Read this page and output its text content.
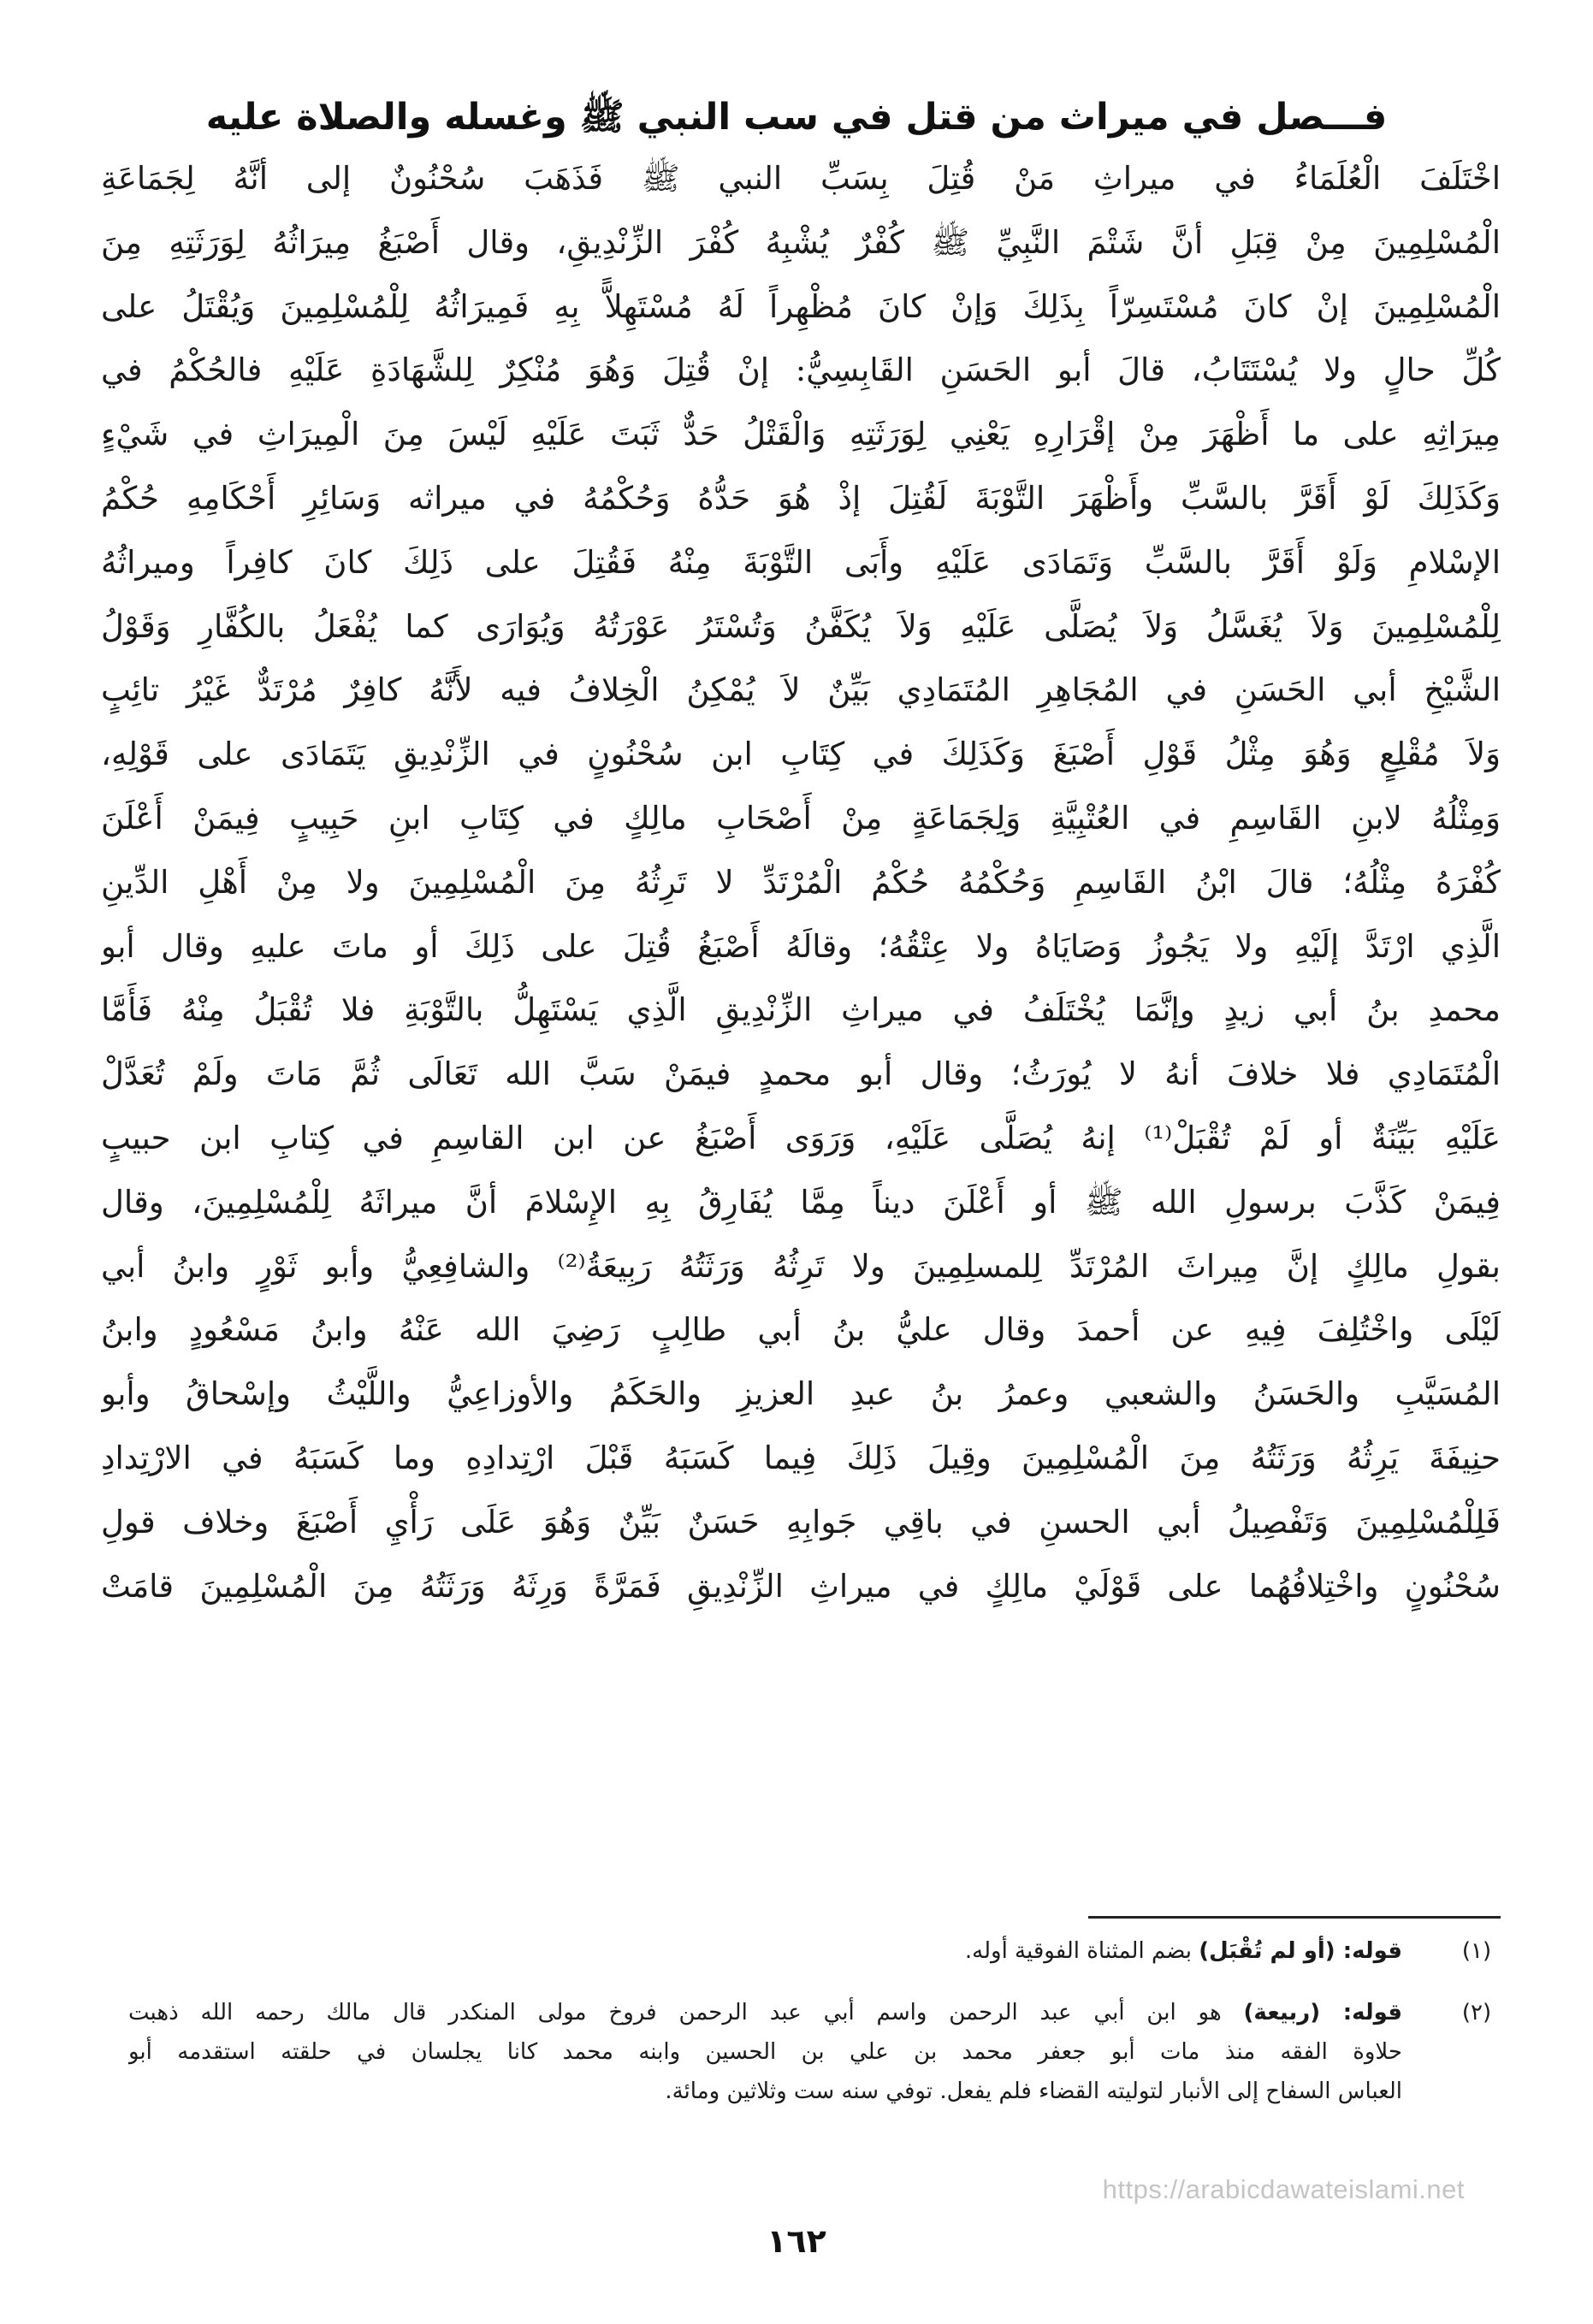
فـــصل في ميراث من قتل في سب النبي ﷺ وغسله والصلاة عليه
اخْتَلَفَ الْعُلَمَاءُ في ميراثِ مَنْ قُتِلَ بِسَبِّ النبي ﷺ فَذَهَبَ سُحْنُونٌ إلى أنَّهُ لِجَمَاعَةِ
الْمُسْلِمِينَ مِنْ قِبَلِ أنَّ شَتْمَ النَّبِيِّ ﷺ كُفْرٌ يُشْبِهُ كُفْرَ الزِّنْدِيقِ، وقال أَصْبَغُ مِيرَاثُهُ لِوَرَثَتِهِ مِنَ
الْمُسْلِمِينَ إنْ كانَ مُسْتَسِرّاً بِذَلِكَ وَإنْ كانَ مُظْهِراً لَهُ مُسْتَهِلاًّ بِهِ فَمِيرَاثُهُ لِلْمُسْلِمِينَ وَيُقْتَلُ على
كُلِّ حالٍ ولا يُسْتَتَابُ، قالَ أبو الحَسَنِ القَابِسِيُّ: إنْ قُتِلَ وَهُوَ مُنْكِرٌ لِلشَّهَادَةِ عَلَيْهِ فالحُكْمُ في
مِيرَاثِهِ على ما أَظْهَرَ مِنْ إقْرَارِهِ يَعْنِي لِوَرَثَتِهِ وَالْقَتْلُ حَدٌّ ثَبَتَ عَلَيْهِ لَيْسَ مِنَ الْمِيرَاثِ في شَيْءٍ
وَكَذَلِكَ لَوْ أَقَرَّ بالسَّبِّ وأَظْهَرَ التَّوْبَةَ لَقُتِلَ إذْ هُوَ حَدُّهُ وَحُكْمُهُ في ميراثه وَسَائِرِ أَحْكَامِهِ حُكْمُ
الإسْلامِ وَلَوْ أَقَرَّ بالسَّبِّ وَتَمَادَى عَلَيْهِ وأَبَى التَّوْبَةَ مِنْهُ فَقُتِلَ على ذَلِكَ كانَ كافِراً وميراثُهُ
لِلْمُسْلِمِينَ وَلاَ يُغَسَّلُ وَلاَ يُصَلَّى عَلَيْهِ وَلاَ يُكَفَّنُ وَتُسْتَرُ عَوْرَتُهُ وَيُوَارَى كما يُفْعَلُ بالكُفَّارِ وَقَوْلُ
الشَّيْخِ أبي الحَسَنِ في المُجَاهِرِ المُتَمَادِي بَيِّنٌ لاَ يُمْكِنُ الْخِلافُ فيه لأَنَّهُ كافِرٌ مُرْتَدٌّ غَيْرُ تائِبٍ
وَلاَ مُقْلِعٍ وَهُوَ مِثْلُ قَوْلِ أَصْبَغَ وَكَذَلِكَ في كِتَابِ ابن سُحْنُونٍ في الزِّنْدِيقِ يَتَمَادَى على قَوْلِهِ،
وَمِثْلُهُ لابنِ القَاسِمِ في العُتْبِيَّةِ وَلِجَمَاعَةٍ مِنْ أَصْحَابِ مالِكٍ في كِتَابِ ابنِ حَبِيبٍ فِيمَنْ أَعْلَنَ
كُفْرَهُ مِثْلُهُ؛ قالَ ابْنُ القَاسِمِ وَحُكْمُهُ حُكْمُ الْمُرْتَدِّ لا تَرِثُهُ مِنَ الْمُسْلِمِينَ ولا مِنْ أَهْلِ الدِّينِ
الَّذِي ارْتَدَّ إلَيْهِ ولا يَجُوزُ وَصَايَاهُ ولا عِتْقُهُ؛ وقالَهُ أَصْبَغُ قُتِلَ على ذَلِكَ أو ماتَ عليهِ وقال أبو
محمدِ بنُ أبي زيدٍ وإنَّمَا يُخْتَلَفُ في ميراثِ الزِّنْدِيقِ الَّذِي يَسْتَهِلُّ بالتَّوْبَةِ فلا تُقْبَلُ مِنْهُ فَأَمَّا
الْمُتَمَادِي فلا خلافَ أنهُ لا يُورَثُ؛ وقال أبو محمدٍ فيمَنْ سَبَّ الله تَعَالَى ثُمَّ مَاتَ ولَمْ تُعَدَّلْ
عَلَيْهِ بَيِّنَةٌ أو لَمْ تُقْبَلْ⁽¹⁾ إنهُ يُصَلَّى عَلَيْهِ، وَرَوَى أَصْبَغُ عن ابن القاسِمِ في كِتابِ ابن حبيبٍ
فِيمَنْ كَذَّبَ برسولِ الله ﷺ أو أَعْلَنَ ديناً مِمَّا يُفَارِقُ بِهِ الإِسْلامَ أنَّ ميراثَهُ لِلْمُسْلِمِينَ، وقال
بقولِ مالِكٍ إنَّ مِيراثَ المُرْتَدِّ لِلمسلِمِينَ ولا تَرِثُهُ وَرَثَتُهُ رَبِيعَةُ⁽²⁾ والشافِعِيُّ وأبو ثَوْرٍ وابنُ أبي
لَيْلَى واخْتُلِفَ فِيهِ عن أحمدَ وقال عليُّ بنُ أبي طالِبٍ رَضِيَ الله عَنْهُ وابنُ مَسْعُودٍ وابنُ
المُسَيَّبِ والحَسَنُ والشعبي وعمرُ بنُ عبدِ العزيزِ والحَكَمُ والأوزاعِيُّ واللَّيْثُ وإسْحاقُ وأبو
حنِيفَةَ يَرِثُهُ وَرَثَتُهُ مِنَ الْمُسْلِمِينَ وقِيلَ ذَلِكَ فِيما كَسَبَهُ قَبْلَ ارْتِدادِهِ وما كَسَبَهُ في الارْتِدادِ
فَلِلْمُسْلِمِينَ وَتَفْصِيلُ أبي الحسنِ في باقِي جَوابِهِ حَسَنٌ بَيِّنٌ وَهُوَ عَلَى رَأْيِ أَصْبَغَ وخلاف قولِ
سُحْنُونٍ واخْتِلافُهُما على قَوْلَيْ مالِكٍ في ميراثِ الزِّنْدِيقِ فَمَرَّةً وَرِثَهُ وَرَثَتُهُ مِنَ الْمُسْلِمِينَ قامَتْ
(١)
قوله: (أو لم تُقْبَل) بضم المثناة الفوقية أوله.
(٢)
قوله: (ربيعة) هو ابن أبي عبد الرحمن واسم أبي عبد الرحمن فروخ مولى المنكدر قال مالك رحمه الله ذهبت
حلاوة الفقه منذ مات أبو جعفر محمد بن علي بن الحسين وابنه محمد كانا يجلسان في حلقته استقدمه أبو
العباس السفاح إلى الأنبار لتوليته القضاء فلم يفعل. توفي سنه ست وثلاثين ومائة.
https://arabicdawateislami.net
١٦٢
